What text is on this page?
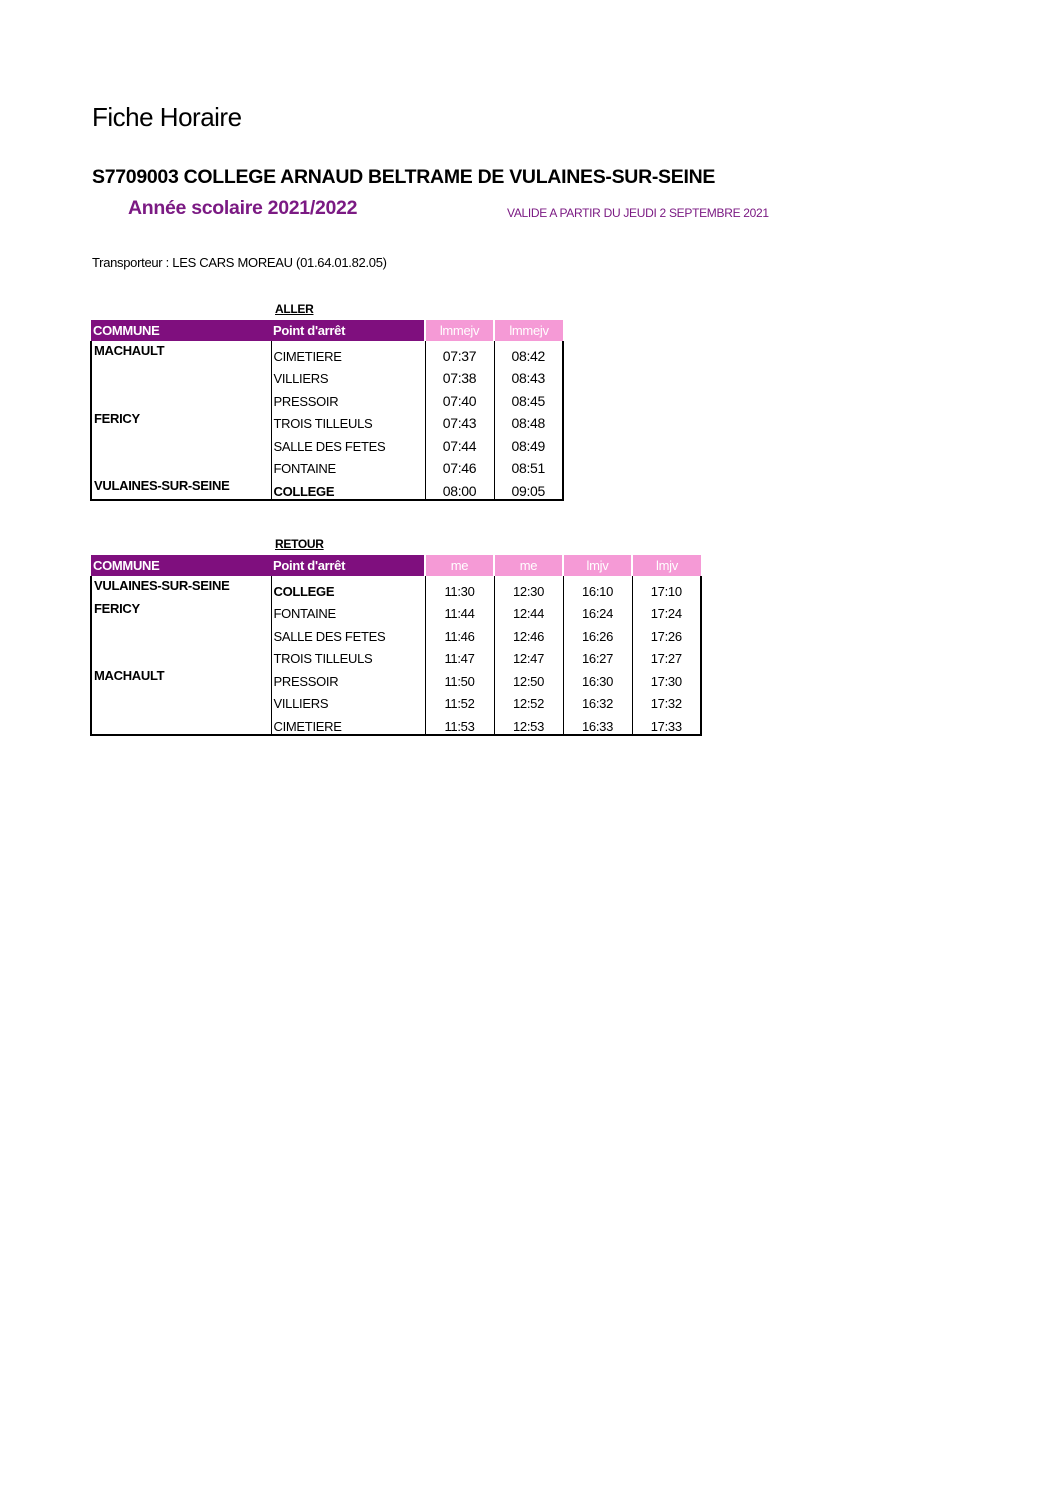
Fiche Horaire
S7709003 COLLEGE ARNAUD BELTRAME DE VULAINES-SUR-SEINE
Année scolaire 2021/2022	VALIDE A PARTIR DU JEUDI 2 SEPTEMBRE 2021
Transporteur : LES CARS MOREAU (01.64.01.82.05)
ALLER
COMMUNE	Point d'arrêt	lmmejv	lmmejv
MACHAULT	CIMETIERE	07:37	08:42
	VILLIERS	07:38	08:43
	PRESSOIR	07:40	08:45
FERICY	TROIS TILLEULS	07:43	08:48
	SALLE DES FETES	07:44	08:49
	FONTAINE	07:46	08:51
VULAINES-SUR-SEINE	COLLEGE	08:00	09:05
RETOUR
COMMUNE	Point d'arrêt	me	me	lmjv	lmjv
VULAINES-SUR-SEINE	COLLEGE	11:30	12:30	16:10	17:10
FERICY	FONTAINE	11:44	12:44	16:24	17:24
	SALLE DES FETES	11:46	12:46	16:26	17:26
	TROIS TILLEULS	11:47	12:47	16:27	17:27
MACHAULT	PRESSOIR	11:50	12:50	16:30	17:30
	VILLIERS	11:52	12:52	16:32	17:32
	CIMETIERE	11:53	12:53	16:33	17:33
